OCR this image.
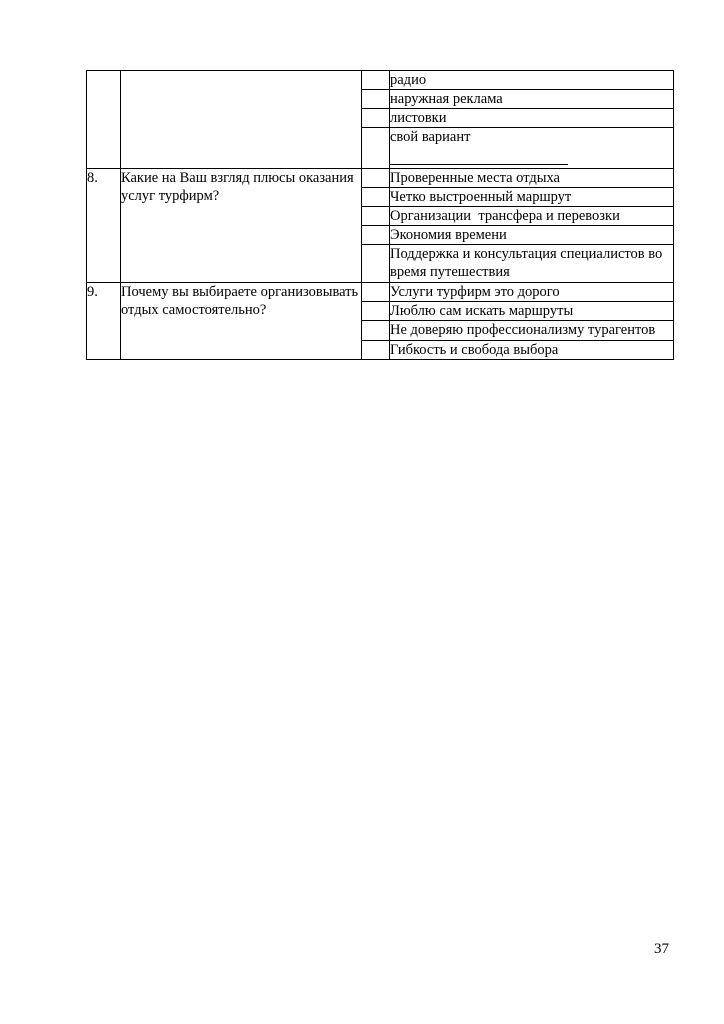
			радио
			наружная реклама
			листовки

			свой вариант

8.	Какие на Ваш взгляд плюсы оказания услуг турфирм?		Проверенные места отдыха
			Четко выстроенный маршрут
			Организации  трансфера и перевозки
			Экономия времени
			Поддержка и консультация специалистов во время путешествия
9.	Почему вы выбираете организовывать отдых самостоятельно?		Услуги турфирм это дорого
			Люблю сам искать маршруты
			Не доверяю профессионализму турагентов
			Гибкость и свобода выбора
37
